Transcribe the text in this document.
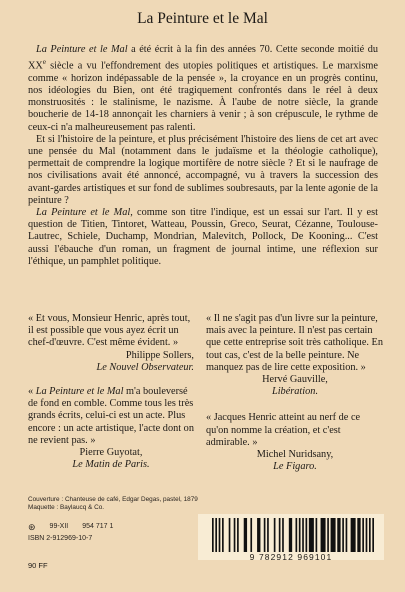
La Peinture et le Mal

La Peinture et le Mal a été écrit à la fin des années 70. Cette seconde moitié du XXe siècle a vu l'effondrement des utopies politiques et artistiques. Le marxisme comme « horizon indépassable de la pensée », la croyance en un progrès continu, nos idéologies du Bien, ont été tragiquement confrontés dans le réel à deux monstruosités : le stalinisme, le nazisme. À l'aube de notre siècle, la grande boucherie de 14-18 annonçait les charniers à venir ; à son crépuscule, le rythme de ceux-ci n'a malheureusement pas ralenti.

Et si l'histoire de la peinture, et plus précisément l'histoire des liens de cet art avec une pensée du Mal (notamment dans le judaïsme et la théologie catholique), permettait de comprendre la logique mortifère de notre siècle ? Et si le naufrage de nos civilisations avait été annoncé, accompagné, vu à travers la succession des avant-gardes artistiques et sur fond de sublimes soubresauts, par la lente agonie de la peinture ?

La Peinture et le Mal, comme son titre l'indique, est un essai sur l'art. Il y est question de Titien, Tintoret, Watteau, Poussin, Greco, Seurat, Cézanne, Toulouse-Lautrec, Schiele, Duchamp, Mondrian, Malevitch, Pollock, De Kooning... C'est aussi l'ébauche d'un roman, un fragment de journal intime, une réflexion sur l'éthique, un pamphlet politique.

« Et vous, Monsieur Henric, après tout, il est possible que vous ayez écrit un chef-d'œuvre. C'est même évident. »

Philippe Sollers,
Le Nouvel Observateur.

« La Peinture et le Mal m'a bouleversé de fond en comble. Comme tous les très grands écrits, celui-ci est un acte. Plus encore : un acte artistique, l'acte dont on ne revient pas. »

Pierre Guyotat,
Le Matin de Paris.

« Il ne s'agit pas d'un livre sur la peinture, mais avec la peinture. Il n'est pas certain que cette entreprise soit très catholique. En tout cas, c'est de la belle peinture. Ne manquez pas de lire cette exposition. »

Hervé Gauville,
Libération.

« Jacques Henric atteint au nerf de ce qu'on nomme la création, et c'est admirable. »

Michel Nuridsany,
Le Figaro.
Couverture : Chanteuse de café, Edgar Degas, pastel, 1879
Maquette : Baylaucq & Co.
⊛ 99-XII 954 717 1
ISBN 2-912969-10-7
9 782912 969101
90 FF
